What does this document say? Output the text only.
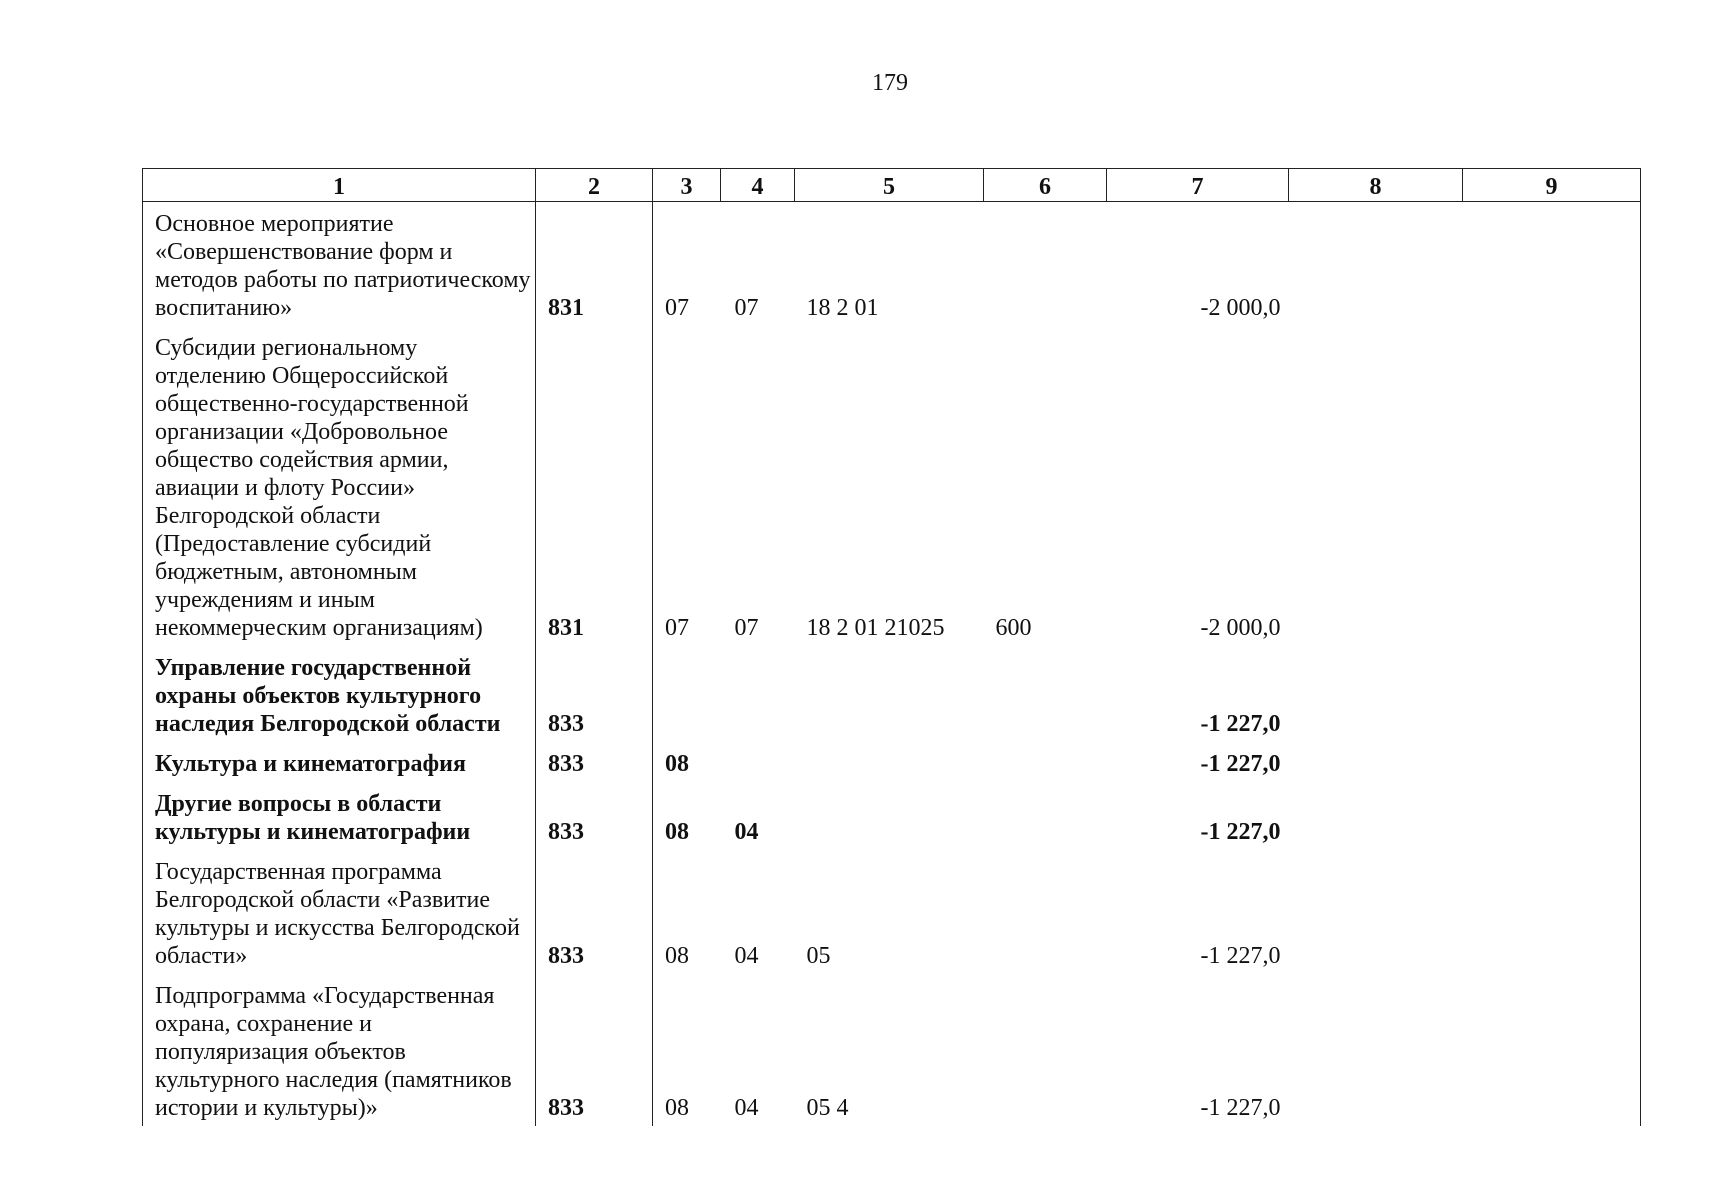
179
1	2	3	4	5	6	7	8	9
Основное мероприятие «Совершенствование форм и методов работы по патриотическому воспитанию»	831	07	07	18 2 01		-2 000,0		
Субсидии региональному отделению Общероссийской общественно-государственной организации «Добровольное общество содействия армии, авиации и флоту России» Белгородской области (Предоставление субсидий бюджетным, автономным учреждениям и иным некоммерческим организациям)	831	07	07	18 2 01 21025	600	-2 000,0		
Управление государственной охраны объектов культурного наследия Белгородской области	833					-1 227,0		
Культура и кинематография	833	08				-1 227,0		
Другие вопросы в области культуры и кинематографии	833	08	04			-1 227,0		
Государственная программа Белгородской области «Развитие культуры и искусства Белгородской области»	833	08	04	05		-1 227,0		
Подпрограмма «Государственная охрана, сохранение и популяризация объектов культурного наследия (памятников истории и культуры)»	833	08	04	05 4		-1 227,0		
